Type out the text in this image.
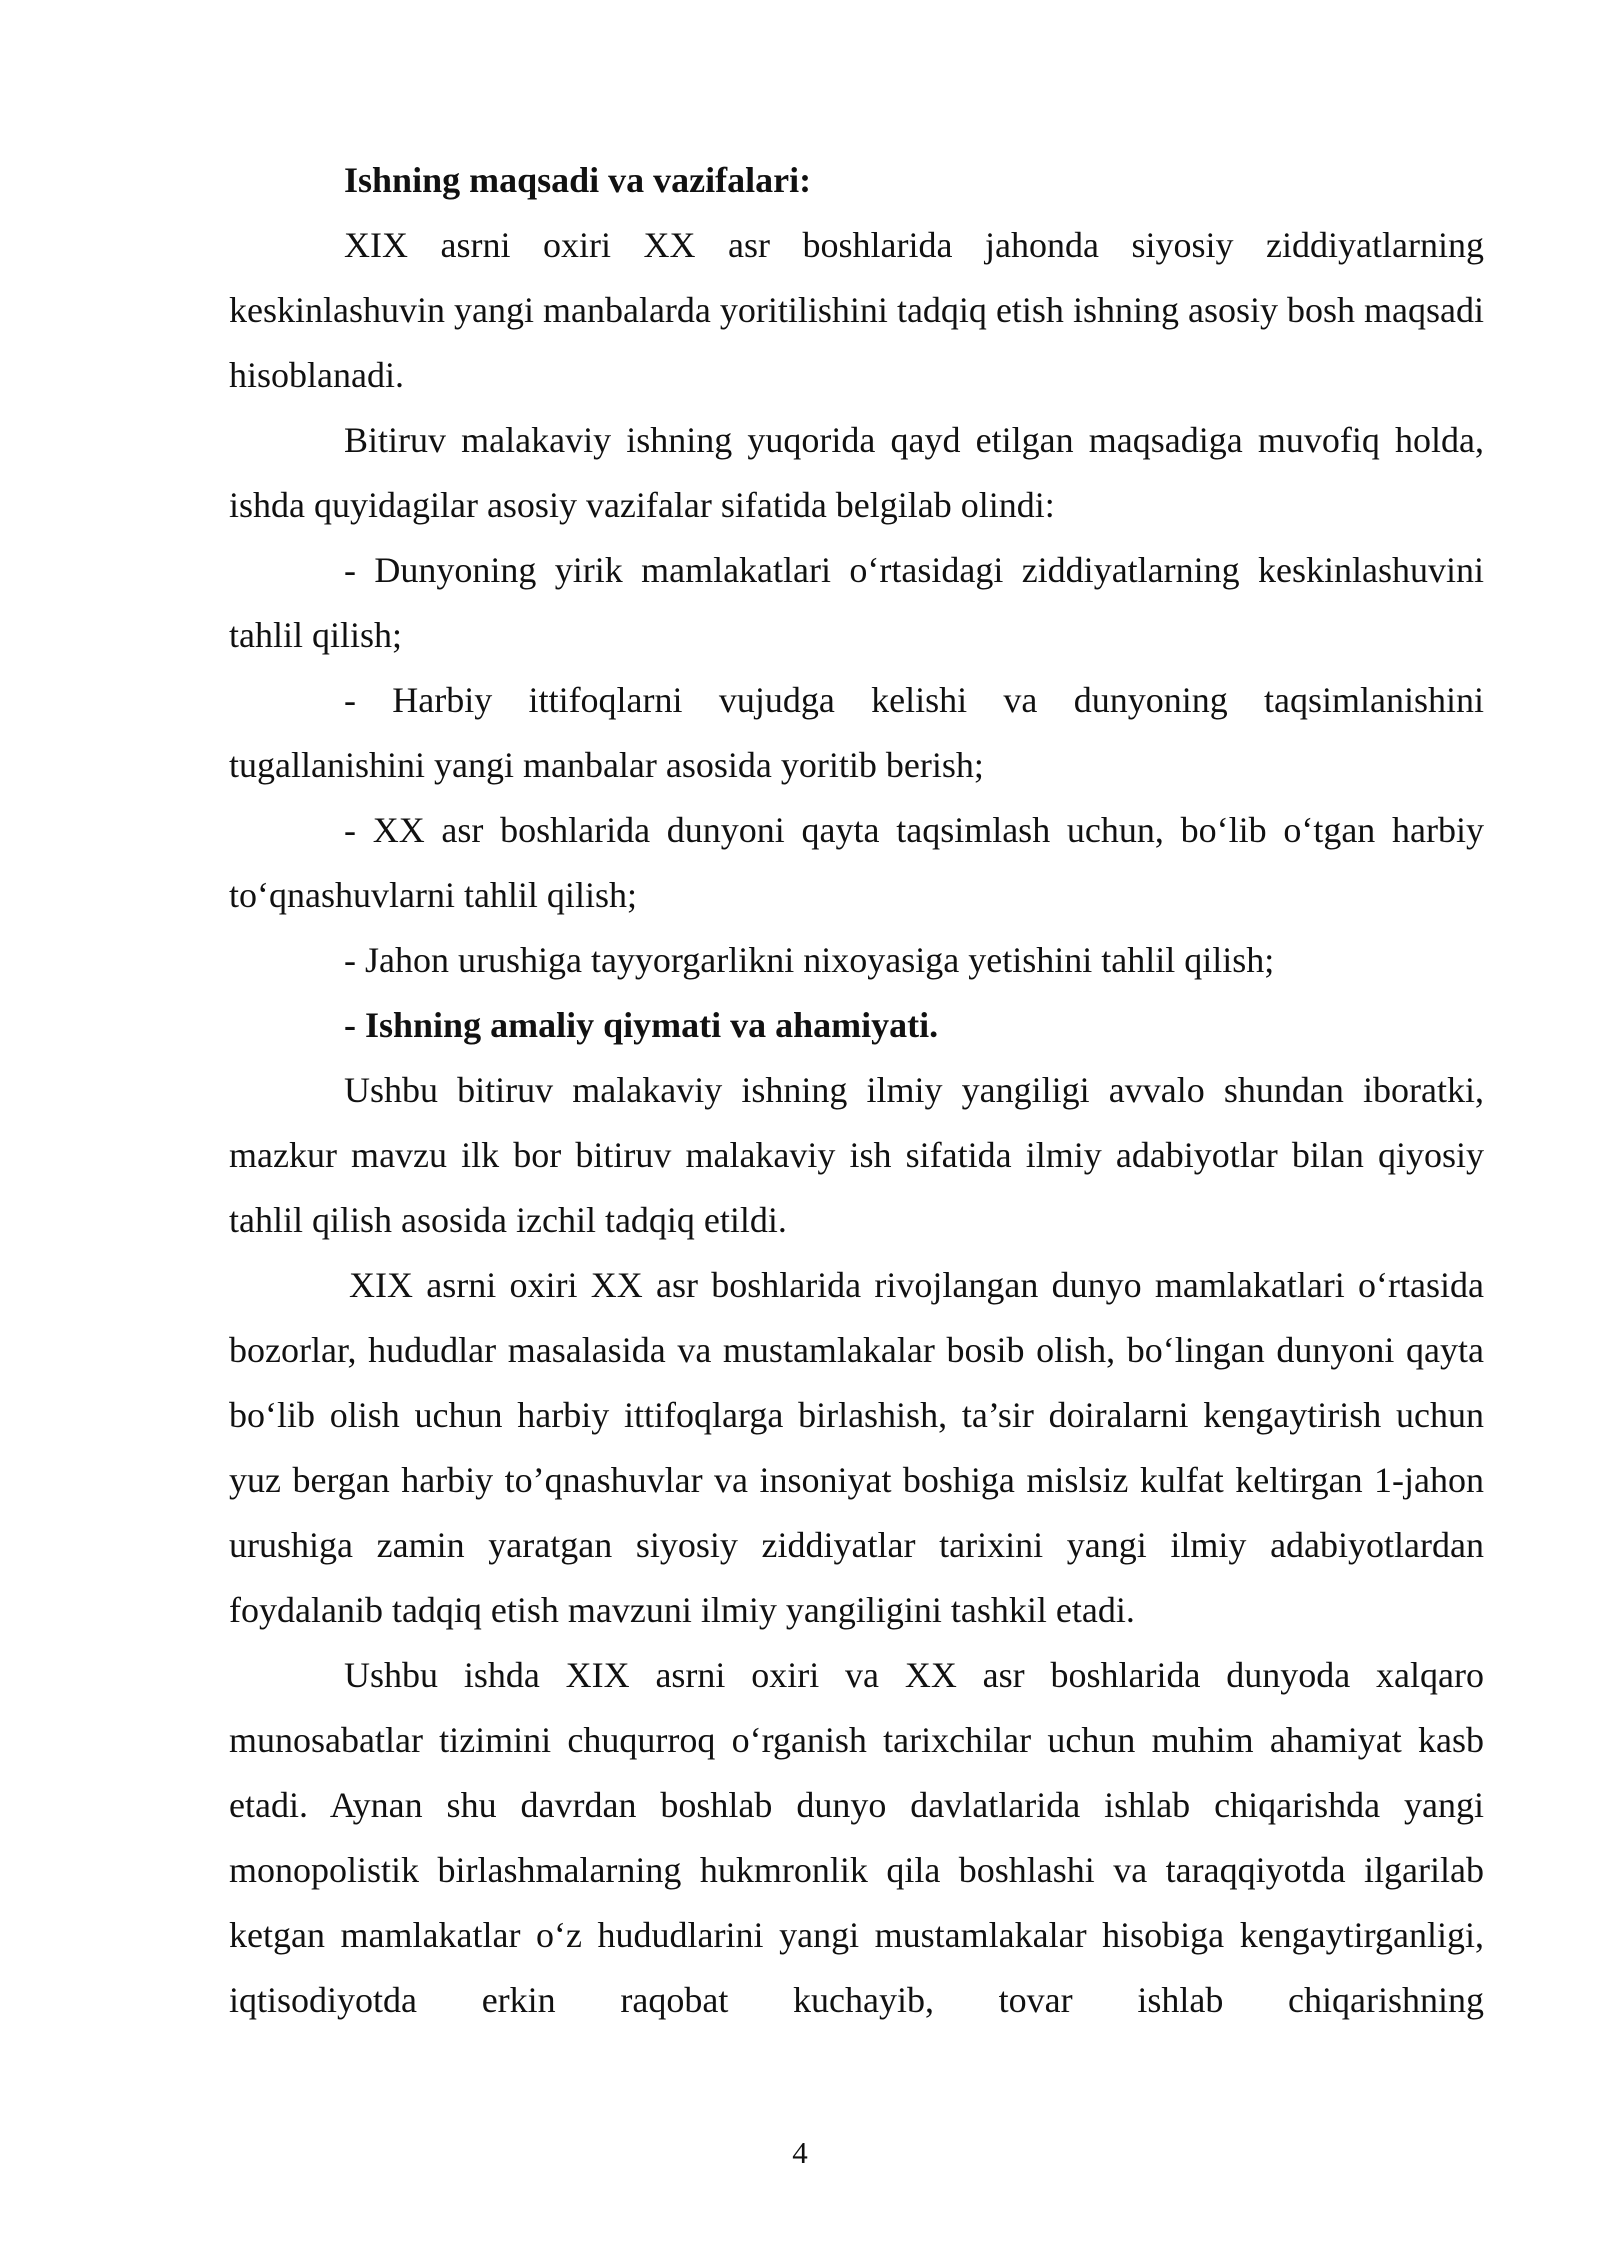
Ishning maqsadi va vazifalari:

XIX asrni oxiri XX asr boshlarida jahonda siyosiy ziddiyatlarning keskinlashuvin yangi manbalarda yoritilishini tadqiq etish ishning asosiy bosh maqsadi hisoblanadi.

Bitiruv malakaviy ishning yuqorida qayd etilgan maqsadiga muvofiq holda, ishda quyidagilar asosiy vazifalar sifatida belgilab olindi:

- Dunyoning yirik mamlakatlari o‘rtasidagi ziddiyatlarning keskinlashuvini tahlil qilish;

- Harbiy ittifoqlarni vujudga kelishi va dunyoning taqsimlanishini tugallanishini yangi manbalar asosida yoritib berish;

- XX asr boshlarida dunyoni qayta taqsimlash uchun, bo‘lib o‘tgan harbiy to‘qnashuvlarni tahlil qilish;

- Jahon urushiga tayyorgarlikni nixoyasiga yetishini tahlil qilish;

- Ishning amaliy qiymati va ahamiyati.

Ushbu bitiruv malakaviy ishning ilmiy yangiligi avvalo shundan iboratki, mazkur mavzu ilk bor bitiruv malakaviy ish sifatida ilmiy adabiyotlar bilan qiyosiy tahlil qilish asosida izchil tadqiq etildi.

XIX asrni oxiri XX asr boshlarida rivojlangan dunyo mamlakatlari o‘rtasida bozorlar, hududlar masalasida va mustamlakalar bosib olish, bo‘lingan dunyoni qayta bo‘lib olish uchun harbiy ittifoqlarga birlashish, ta’sir doiralarni kengaytirish uchun yuz bergan harbiy to’qnashuvlar va insoniyat boshiga mislsiz kulfat keltirgan 1-jahon urushiga zamin yaratgan siyosiy ziddiyatlar tarixini yangi ilmiy adabiyotlardan foydalanib tadqiq etish mavzuni ilmiy yangiligini tashkil etadi.

Ushbu ishda XIX asrni oxiri va XX asr boshlarida dunyoda xalqaro munosabatlar tizimini chuqurroq o‘rganish tarixchilar uchun muhim ahamiyat kasb etadi. Aynan shu davrdan boshlab dunyo davlatlarida ishlab chiqarishda yangi monopolistik birlashmalarning hukmronlik qila boshlashi va taraqqiyotda ilgarilab ketgan mamlakatlar o‘z hududlarini yangi mustamlakalar hisobiga kengaytirganligi, iqtisodiyotda erkin raqobat kuchayib, tovar ishlab chiqarishning

4
